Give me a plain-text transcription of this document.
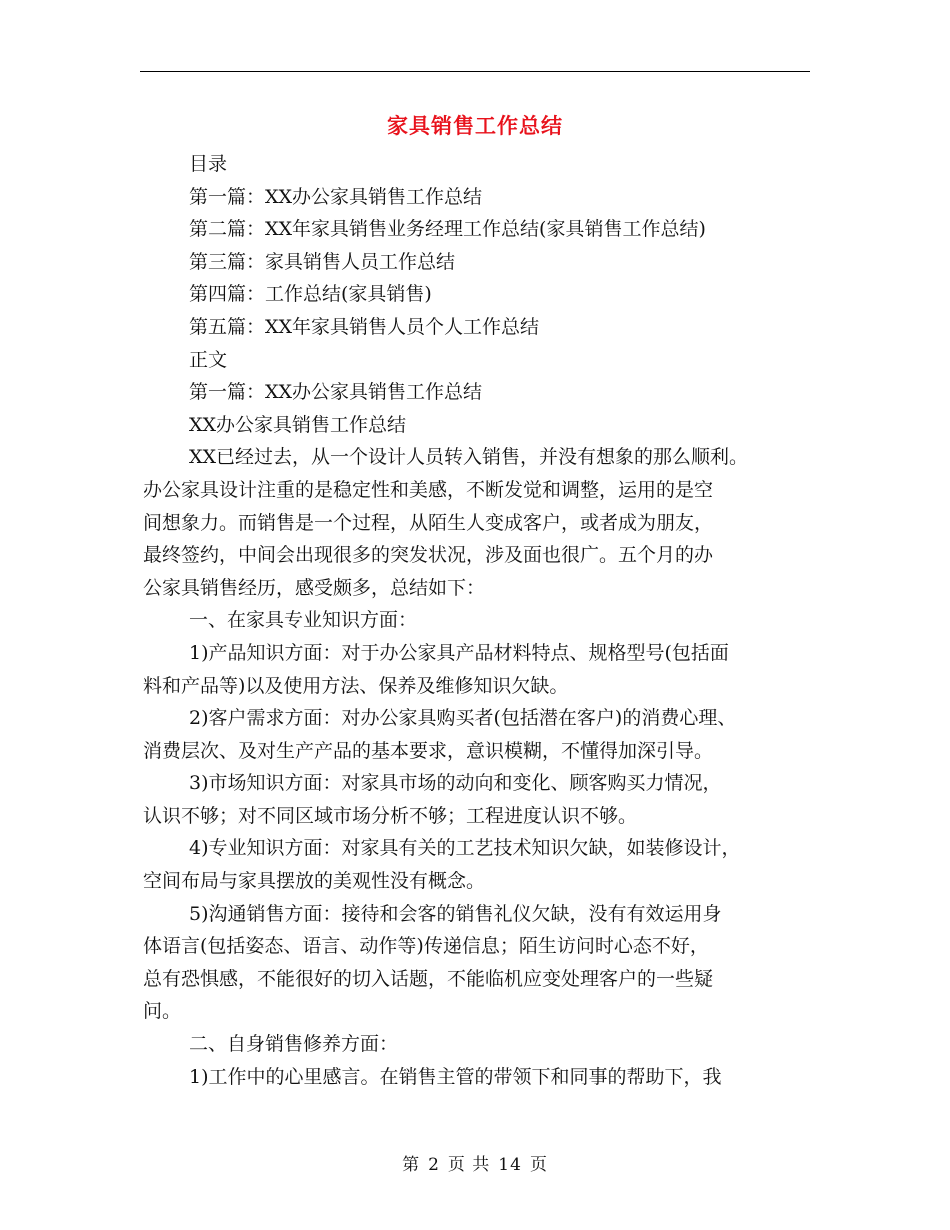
家具销售工作总结
目录
第一篇：XX办公家具销售工作总结
第二篇：XX年家具销售业务经理工作总结(家具销售工作总结)
第三篇：家具销售人员工作总结
第四篇：工作总结(家具销售)
第五篇：XX年家具销售人员个人工作总结
正文
第一篇：XX办公家具销售工作总结
XX办公家具销售工作总结
XX已经过去，从一个设计人员转入销售，并没有想象的那么顺利。
办公家具设计注重的是稳定性和美感，不断发觉和调整，运用的是空
间想象力。而销售是一个过程，从陌生人变成客户，或者成为朋友，
最终签约，中间会出现很多的突发状况，涉及面也很广。五个月的办
公家具销售经历，感受颇多，总结如下：
一、在家具专业知识方面：
1)产品知识方面：对于办公家具产品材料特点、规格型号(包括面
料和产品等)以及使用方法、保养及维修知识欠缺。
2)客户需求方面：对办公家具购买者(包括潜在客户)的消费心理、
消费层次、及对生产产品的基本要求，意识模糊，不懂得加深引导。
3)市场知识方面：对家具市场的动向和变化、顾客购买力情况，
认识不够；对不同区域市场分析不够；工程进度认识不够。
4)专业知识方面：对家具有关的工艺技术知识欠缺，如装修设计，
空间布局与家具摆放的美观性没有概念。
5)沟通销售方面：接待和会客的销售礼仪欠缺，没有有效运用身
体语言(包括姿态、语言、动作等)传递信息；陌生访问时心态不好，
总有恐惧感，不能很好的切入话题，不能临机应变处理客户的一些疑
问。
二、自身销售修养方面：
1)工作中的心里感言。在销售主管的带领下和同事的帮助下，我
第 2 页 共 14 页
